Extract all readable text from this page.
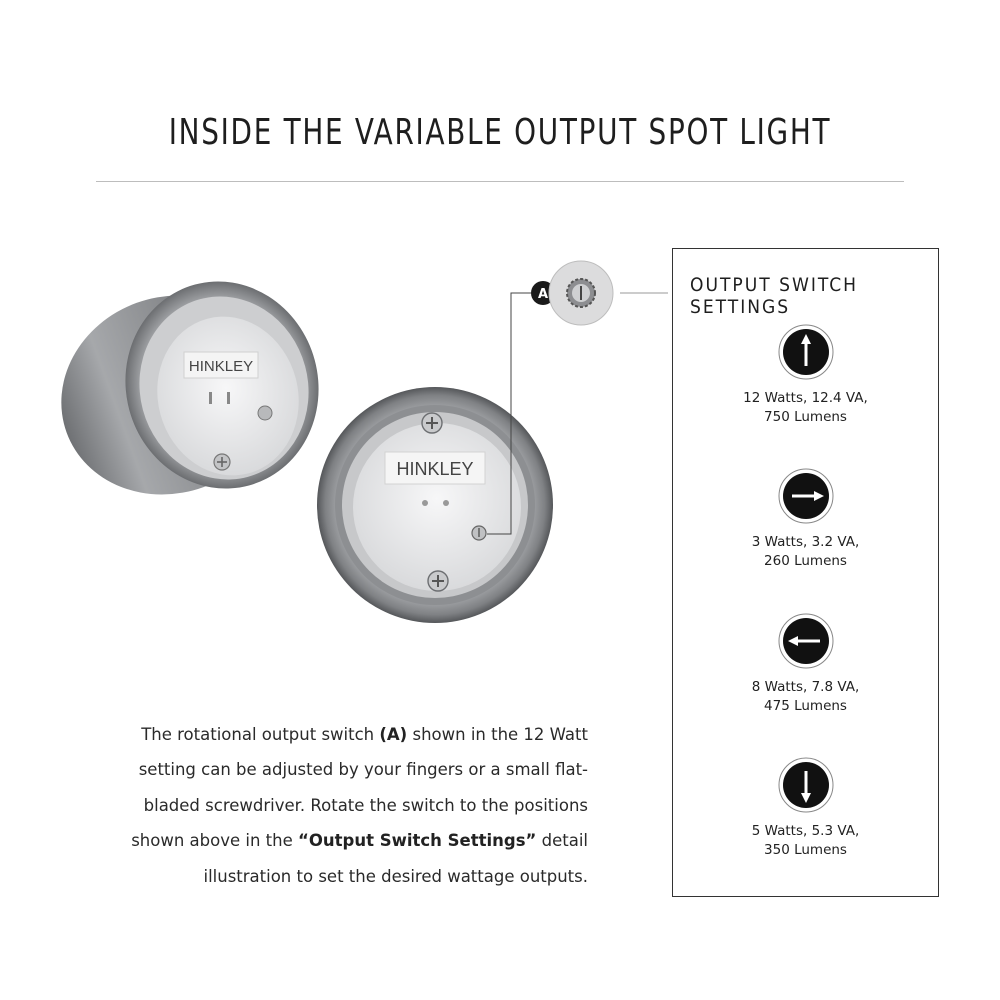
INSIDE THE VARIABLE OUTPUT SPOT LIGHT
HINKLEY
HINKLEY
A

The rotational output switch (A) shown in the 12 Watt setting can be adjusted by your fingers or a small flat-bladed screwdriver. Rotate the switch to the positions shown above in the “Output Switch Settings” detail illustration to set the desired wattage outputs.

OUTPUT SWITCH SETTINGS
12 Watts, 12.4 VA,
750 Lumens
3 Watts, 3.2 VA,
260 Lumens
8 Watts, 7.8 VA,
475 Lumens
5 Watts, 5.3 VA,
350 Lumens
